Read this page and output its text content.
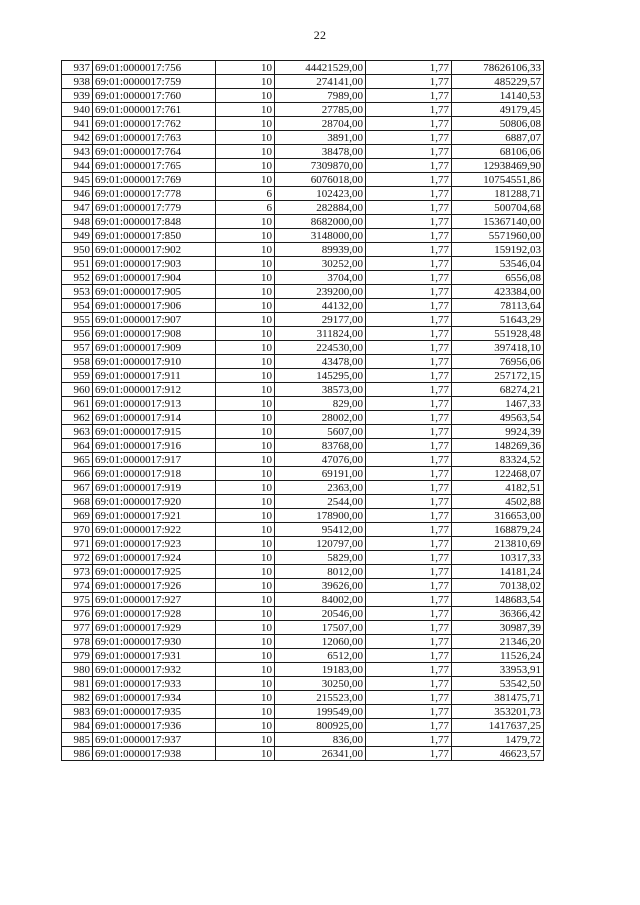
22
937	69:01:0000017:756	10	44421529,00	1,77	78626106,33
938	69:01:0000017:759	10	274141,00	1,77	485229,57
939	69:01:0000017:760	10	7989,00	1,77	14140,53
940	69:01:0000017:761	10	27785,00	1,77	49179,45
941	69:01:0000017:762	10	28704,00	1,77	50806,08
942	69:01:0000017:763	10	3891,00	1,77	6887,07
943	69:01:0000017:764	10	38478,00	1,77	68106,06
944	69:01:0000017:765	10	7309870,00	1,77	12938469,90
945	69:01:0000017:769	10	6076018,00	1,77	10754551,86
946	69:01:0000017:778	6	102423,00	1,77	181288,71
947	69:01:0000017:779	6	282884,00	1,77	500704,68
948	69:01:0000017:848	10	8682000,00	1,77	15367140,00
949	69:01:0000017:850	10	3148000,00	1,77	5571960,00
950	69:01:0000017:902	10	89939,00	1,77	159192,03
951	69:01:0000017:903	10	30252,00	1,77	53546,04
952	69:01:0000017:904	10	3704,00	1,77	6556,08
953	69:01:0000017:905	10	239200,00	1,77	423384,00
954	69:01:0000017:906	10	44132,00	1,77	78113,64
955	69:01:0000017:907	10	29177,00	1,77	51643,29
956	69:01:0000017:908	10	311824,00	1,77	551928,48
957	69:01:0000017:909	10	224530,00	1,77	397418,10
958	69:01:0000017:910	10	43478,00	1,77	76956,06
959	69:01:0000017:911	10	145295,00	1,77	257172,15
960	69:01:0000017:912	10	38573,00	1,77	68274,21
961	69:01:0000017:913	10	829,00	1,77	1467,33
962	69:01:0000017:914	10	28002,00	1,77	49563,54
963	69:01:0000017:915	10	5607,00	1,77	9924,39
964	69:01:0000017:916	10	83768,00	1,77	148269,36
965	69:01:0000017:917	10	47076,00	1,77	83324,52
966	69:01:0000017:918	10	69191,00	1,77	122468,07
967	69:01:0000017:919	10	2363,00	1,77	4182,51
968	69:01:0000017:920	10	2544,00	1,77	4502,88
969	69:01:0000017:921	10	178900,00	1,77	316653,00
970	69:01:0000017:922	10	95412,00	1,77	168879,24
971	69:01:0000017:923	10	120797,00	1,77	213810,69
972	69:01:0000017:924	10	5829,00	1,77	10317,33
973	69:01:0000017:925	10	8012,00	1,77	14181,24
974	69:01:0000017:926	10	39626,00	1,77	70138,02
975	69:01:0000017:927	10	84002,00	1,77	148683,54
976	69:01:0000017:928	10	20546,00	1,77	36366,42
977	69:01:0000017:929	10	17507,00	1,77	30987,39
978	69:01:0000017:930	10	12060,00	1,77	21346,20
979	69:01:0000017:931	10	6512,00	1,77	11526,24
980	69:01:0000017:932	10	19183,00	1,77	33953,91
981	69:01:0000017:933	10	30250,00	1,77	53542,50
982	69:01:0000017:934	10	215523,00	1,77	381475,71
983	69:01:0000017:935	10	199549,00	1,77	353201,73
984	69:01:0000017:936	10	800925,00	1,77	1417637,25
985	69:01:0000017:937	10	836,00	1,77	1479,72
986	69:01:0000017:938	10	26341,00	1,77	46623,57
